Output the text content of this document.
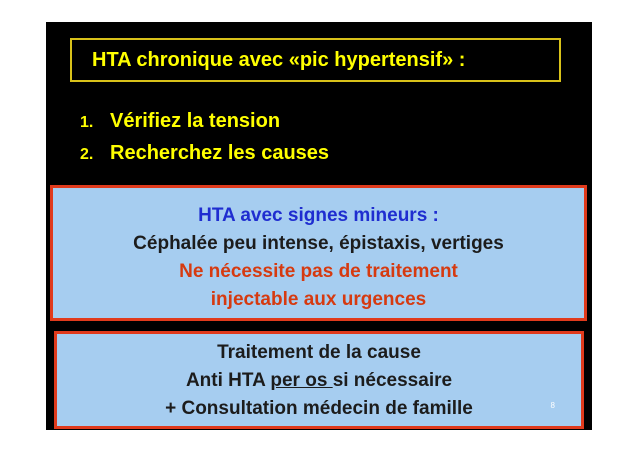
HTA chronique avec «pic hypertensif» :
1. Vérifiez la tension
2. Recherchez les causes
HTA avec signes mineurs :
Céphalée peu intense, épistaxis, vertiges
Ne nécessite pas de traitement
injectable aux urgences
Traitement de la cause
Anti HTA per os si nécessaire
+ Consultation médecin de famille	8
